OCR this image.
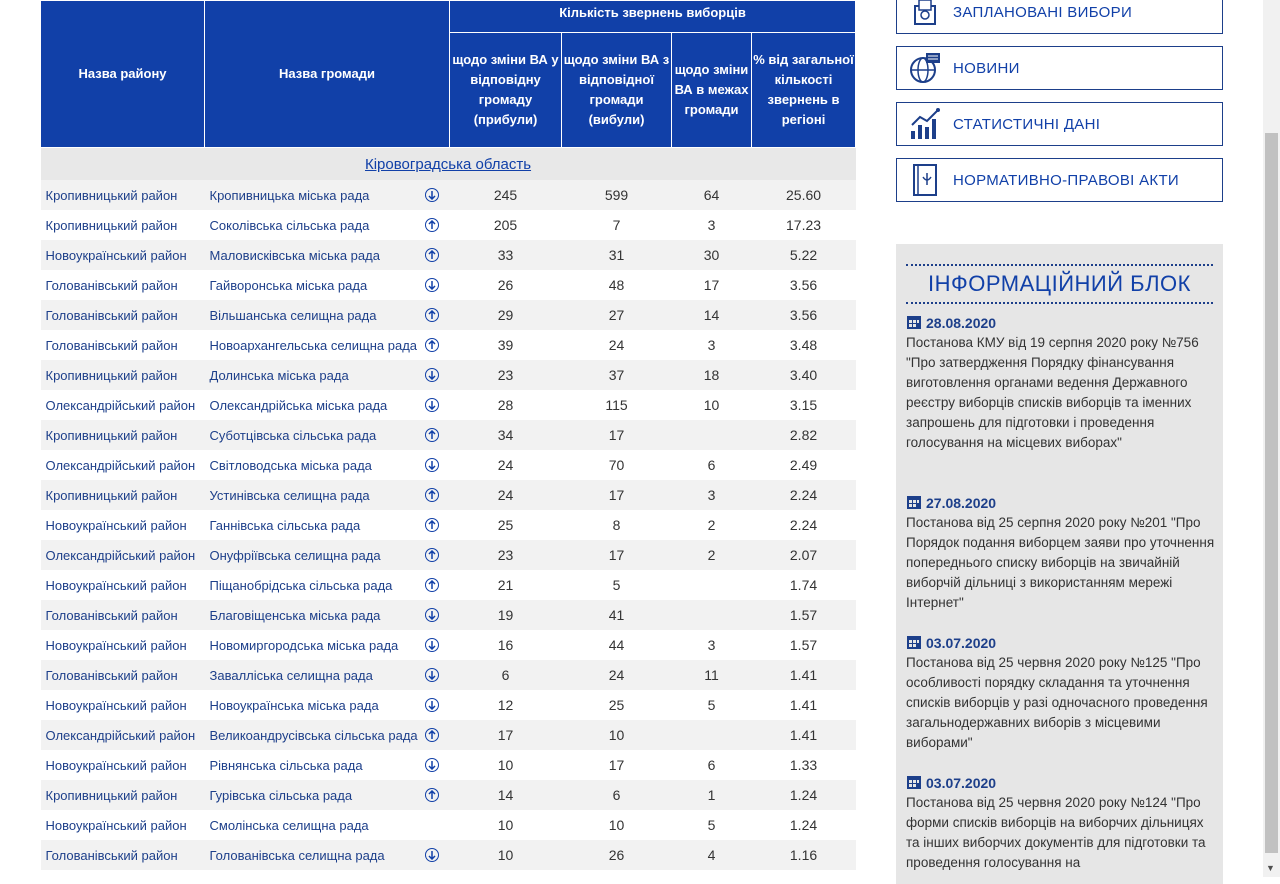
Назва району	Назва громади	Кількість звернень виборців			
		щодо зміни ВА у відповідну громаду (прибули)	щодо зміни ВА з відповідної громади (вибули)	щодо зміни ВА в межах громади	% від загальної кількості звернень в регіоні
Кіровоградська область					
Кропивницький район	Кропивницька міська рада	245	599	64	25.60
Кропивницький район	Соколівська сільська рада	205	7	3	17.23
Новоукраїнський район	Маловисківська міська рада	33	31	30	5.22
Голованівський район	Гайворонська міська рада	26	48	17	3.56
Голованівський район	Вільшанська селищна рада	29	27	14	3.56
Голованівський район	Новоархангельська селищна рада	39	24	3	3.48
Кропивницький район	Долинська міська рада	23	37	18	3.40
Олександрійський район	Олександрійська міська рада	28	115	10	3.15
Кропивницький район	Суботцівська сільська рада	34	17		2.82
Олександрійський район	Світловодська міська рада	24	70	6	2.49
Кропивницький район	Устинівська селищна рада	24	17	3	2.24
Новоукраїнський район	Ганнівська сільська рада	25	8	2	2.24
Олександрійський район	Онуфріївська селищна рада	23	17	2	2.07
Новоукраїнський район	Піщанобрідська сільська рада	21	5		1.74
Голованівський район	Благовіщенська міська рада	19	41		1.57
Новоукраїнський район	Новомиргородська міська рада	16	44	3	1.57
Голованівський район	Завалліська селищна рада	6	24	11	1.41
Новоукраїнський район	Новоукраїнська міська рада	12	25	5	1.41
Олександрійський район	Великоандрусівська сільська рада	17	10		1.41
Новоукраїнський район	Рівнянська сільська рада	10	17	6	1.33
Кропивницький район	Гурівська сільська рада	14	6	1	1.24
Новоукраїнський район	Смолінська селищна рада	10	10	5	1.24
Голованівський район	Голованівська селищна рада	10	26	4	1.16
ЗАПЛАНОВАНІ ВИБОРИ
НОВИНИ
СТАТИСТИЧНІ ДАНІ
НОРМАТИВНО-ПРАВОВІ АКТИ
ІНФОРМАЦІЙНИЙ БЛОК
28.08.2020
Постанова КМУ від 19 серпня 2020 року №756 "Про затвердження Порядку фінансування виготовлення органами ведення Державного реєстру виборців списків виборців та іменних запрошень для підготовки і проведення голосування на місцевих виборах"
27.08.2020
Постанова від 25 серпня 2020 року №201 "Про Порядок подання виборцем заяви про уточнення попереднього списку виборців на звичайній виборчій дільниці з використанням мережі Інтернет"
03.07.2020
Постанова від 25 червня 2020 року №125 "Про особливості порядку складання та уточнення списків виборців у разі одночасного проведення загальнодержавних виборів з місцевими виборами"
03.07.2020
Постанова від 25 червня 2020 року №124 "Про форми списків виборців на виборчих дільницях та інших виборчих документів для підготовки та проведення голосування на	▼
